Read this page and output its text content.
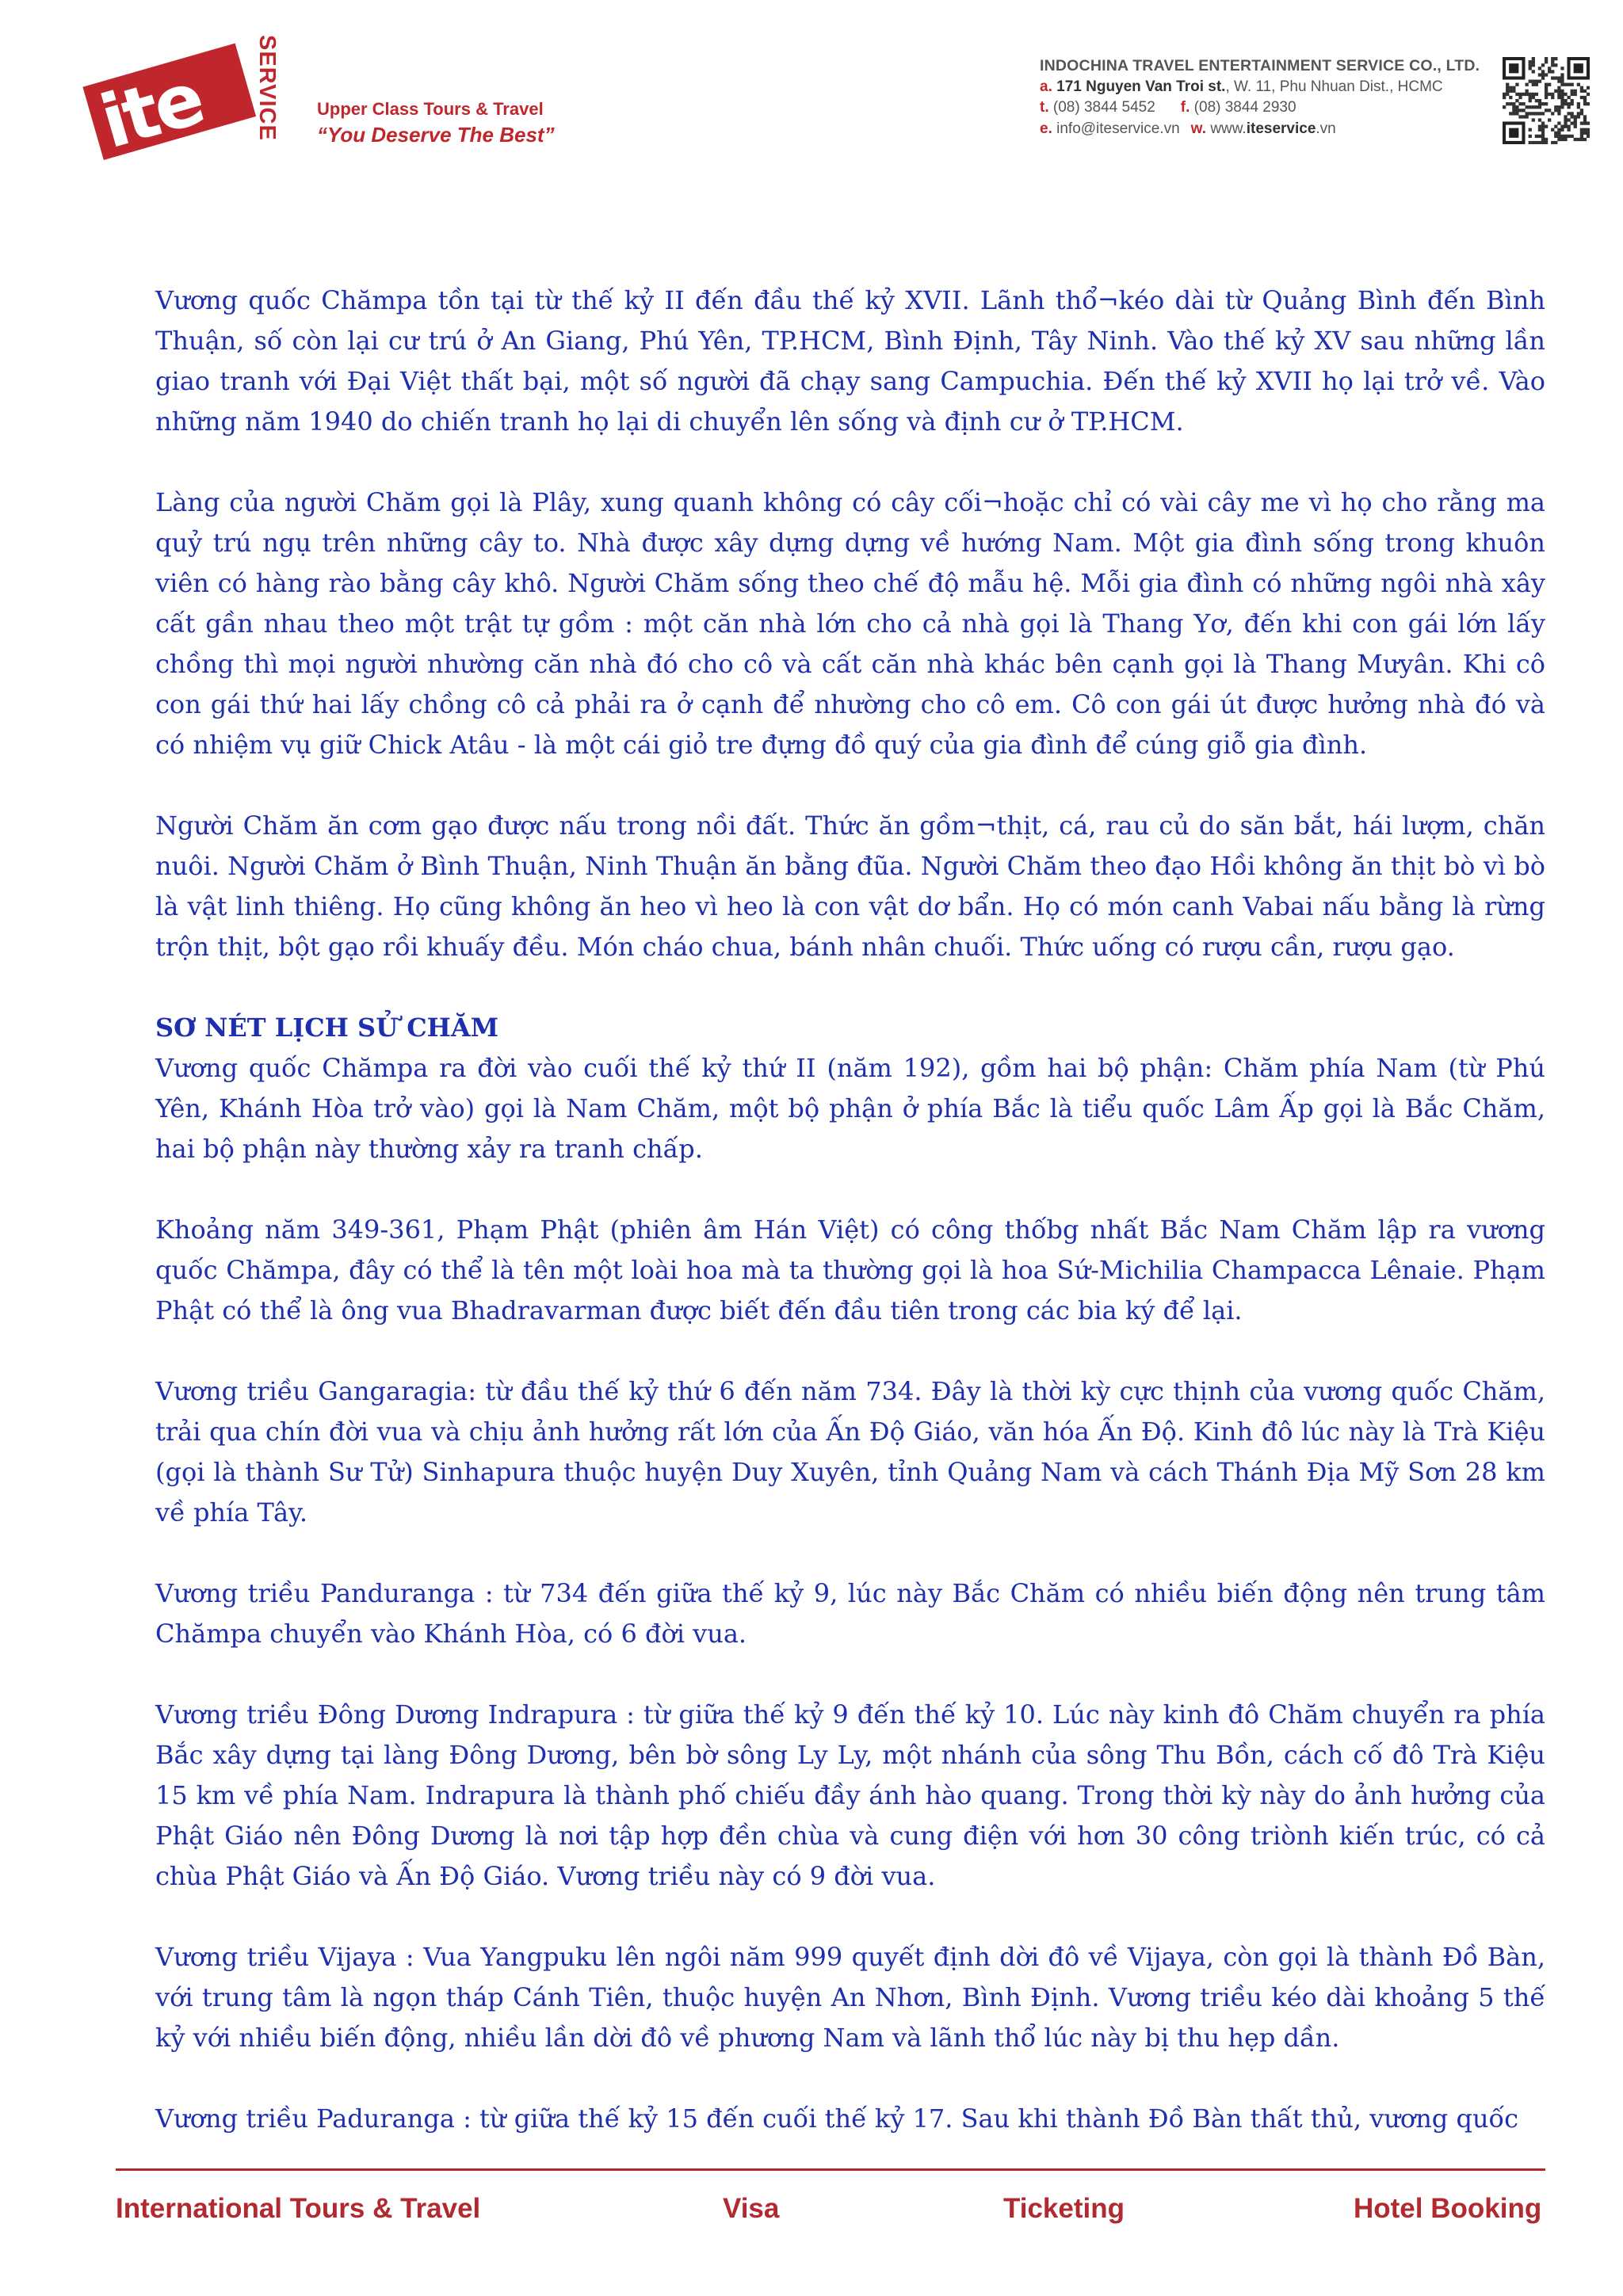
ite SERVICE Upper Class Tours & Travel
“You Deserve The Best”
INDOCHINA TRAVEL ENTERTAINMENT SERVICE CO., LTD.
a. 171 Nguyen Van Troi st., W. 11, Phu Nhuan Dist., HCMC
t. (08) 3844 5452 f. (08) 3844 2930
e. info@iteservice.vn w. www.iteservice.vn

Vương quốc Chămpa tồn tại từ thế kỷ II đến đầu thế kỷ XVII. Lãnh thổ¬kéo dài từ Quảng Bình đến Bình Thuận, số còn lại cư trú ở An Giang, Phú Yên, TP.HCM, Bình Định, Tây Ninh. Vào thế kỷ XV sau những lần giao tranh với Đại Việt thất bại, một số người đã chạy sang Campuchia. Đến thế kỷ XVII họ lại trở về. Vào những năm 1940 do chiến tranh họ lại di chuyển lên sống và định cư ở TP.HCM.

Làng của người Chăm gọi là Plây, xung quanh không có cây cối¬hoặc chỉ có vài cây me vì họ cho rằng ma quỷ trú ngụ trên những cây to. Nhà được xây dựng dựng về hướng Nam. Một gia đình sống trong khuôn viên có hàng rào bằng cây khô. Người Chăm sống theo chế độ mẫu hệ. Mỗi gia đình có những ngôi nhà xây cất gần nhau theo một trật tự gồm : một căn nhà lớn cho cả nhà gọi là Thang Yơ, đến khi con gái lớn lấy chồng thì mọi người nhường căn nhà đó cho cô và cất căn nhà khác bên cạnh gọi là Thang Mưyân. Khi cô con gái thứ hai lấy chồng cô cả phải ra ở cạnh để nhường cho cô em. Cô con gái út được hưởng nhà đó và có nhiệm vụ giữ Chick Atâu - là một cái giỏ tre đựng đồ quý của gia đình để cúng giỗ gia đình.

Người Chăm ăn cơm gạo được nấu trong nồi đất. Thức ăn gồm¬thịt, cá, rau củ do săn bắt, hái lượm, chăn nuôi. Người Chăm ở Bình Thuận, Ninh Thuận ăn bằng đũa. Người Chăm theo đạo Hồi không ăn thịt bò vì bò là vật linh thiêng. Họ cũng không ăn heo vì heo là con vật dơ bẩn. Họ có món canh Vabai nấu bằng là rừng trộn thịt, bột gạo rồi khuấy đều. Món cháo chua, bánh nhân chuối. Thức uống có rượu cần, rượu gạo.

SƠ NÉT LỊCH SỬ CHĂM

Vương quốc Chămpa ra đời vào cuối thế kỷ thứ II (năm 192), gồm hai bộ phận: Chăm phía Nam (từ Phú Yên, Khánh Hòa trở vào) gọi là Nam Chăm, một bộ phận ở phía Bắc là tiểu quốc Lâm Ấp gọi là Bắc Chăm, hai bộ phận này thường xảy ra tranh chấp.

Khoảng năm 349-361, Phạm Phật (phiên âm Hán Việt) có công thốbg nhất Bắc Nam Chăm lập ra vương quốc Chămpa, đây có thể là tên một loài hoa mà ta thường gọi là hoa Sứ-Michilia Champacca Lênaie. Phạm Phật có thể là ông vua Bhadravarman được biết đến đầu tiên trong các bia ký để lại.

Vương triều Gangaragia: từ đầu thế kỷ thứ 6 đến năm 734. Đây là thời kỳ cực thịnh của vương quốc Chăm, trải qua chín đời vua và chịu ảnh hưởng rất lớn của Ấn Độ Giáo, văn hóa Ấn Độ. Kinh đô lúc này là Trà Kiệu (gọi là thành Sư Tử) Sinhapura thuộc huyện Duy Xuyên, tỉnh Quảng Nam và cách Thánh Địa Mỹ Sơn 28 km về phía Tây.

Vương triều Panduranga : từ 734 đến giữa thế kỷ 9, lúc này Bắc Chăm có nhiều biến động nên trung tâm Chămpa chuyển vào Khánh Hòa, có 6 đời vua.

Vương triều Đông Dương Indrapura : từ giữa thế kỷ 9 đến thế kỷ 10. Lúc này kinh đô Chăm chuyển ra phía Bắc xây dựng tại làng Đông Dương, bên bờ sông Ly Ly, một nhánh của sông Thu Bồn, cách cố đô Trà Kiệu 15 km về phía Nam. Indrapura là thành phố chiếu đầy ánh hào quang. Trong thời kỳ này do ảnh hưởng của Phật Giáo nên Đông Dương là nơi tập hợp đền chùa và cung điện với hơn 30 công triònh kiến trúc, có cả chùa Phật Giáo và Ấn Độ Giáo. Vương triều này có 9 đời vua.

Vương triều Vijaya : Vua Yangpuku lên ngôi năm 999 quyết định dời đô về Vijaya, còn gọi là thành Đồ Bàn, với trung tâm là ngọn tháp Cánh Tiên, thuộc huyện An Nhơn, Bình Định. Vương triều kéo dài khoảng 5 thế kỷ với nhiều biến động, nhiều lần dời đô về phương Nam và lãnh thổ lúc này bị thu hẹp dần.

Vương triều Paduranga : từ giữa thế kỷ 15 đến cuối thế kỷ 17. Sau khi thành Đồ Bàn thất thủ, vương quốc

International Tours & Travel	Visa	Ticketing	Hotel Booking
